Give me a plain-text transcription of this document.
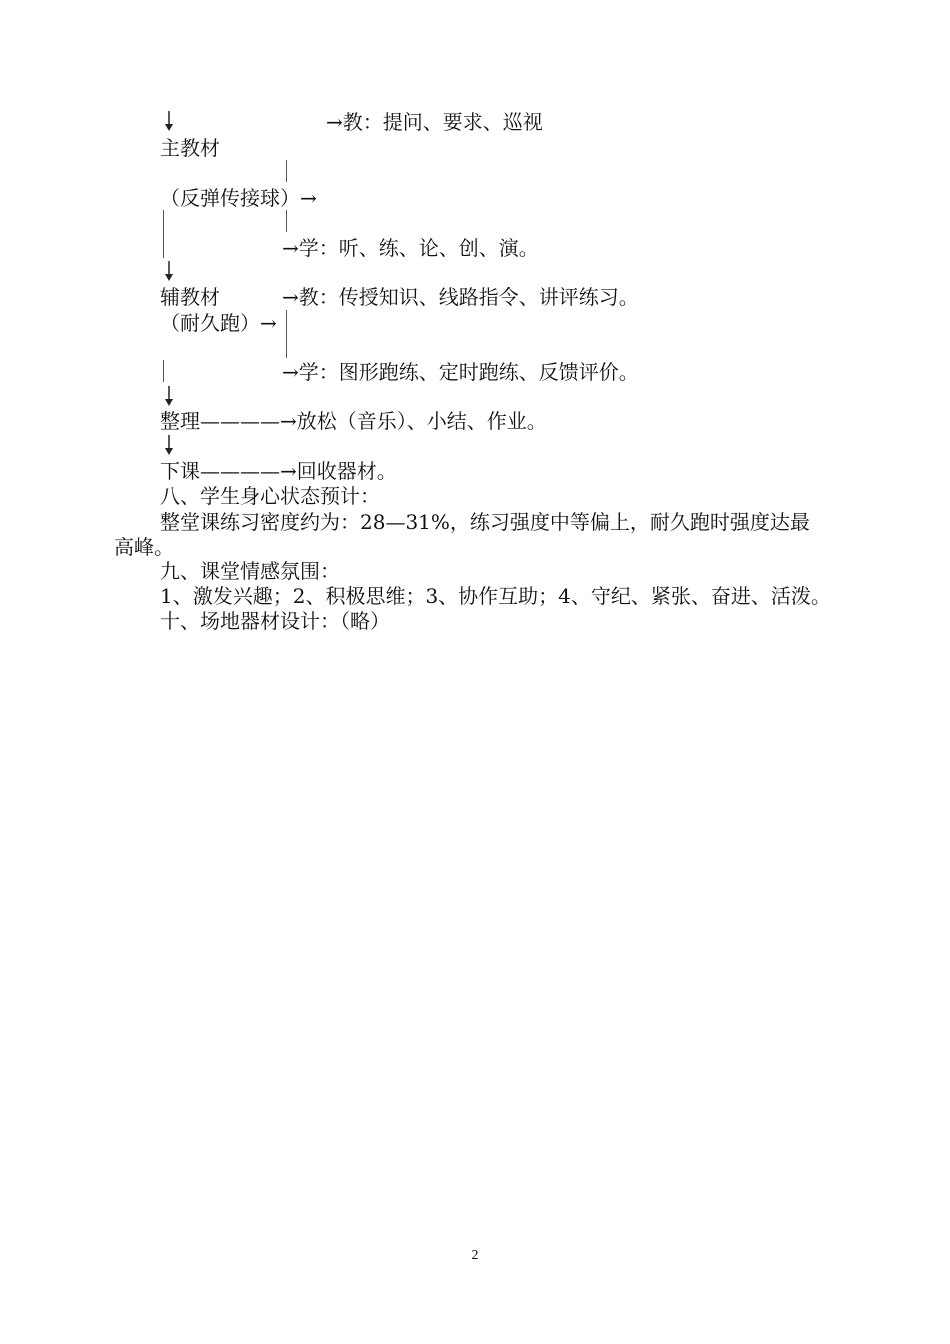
→教：提问、要求、巡视
主教材
（反弹传接球）→
→学：听、练、论、创、演。
辅教材	→教：传授知识、线路指令、讲评练习。
（耐久跑）→
→学：图形跑练、定时跑练、反馈评价。
整理————→放松（音乐）、小结、作业。
下课————→回收器材。
八、学生身心状态预计：
整堂课练习密度约为：28—31%，练习强度中等偏上，耐久跑时强度达最
高峰。
九、课堂情感氛围：
1、激发兴趣；2、积极思维；3、协作互助；4、守纪、紧张、奋进、活泼。
十、场地器材设计：（略）
2
